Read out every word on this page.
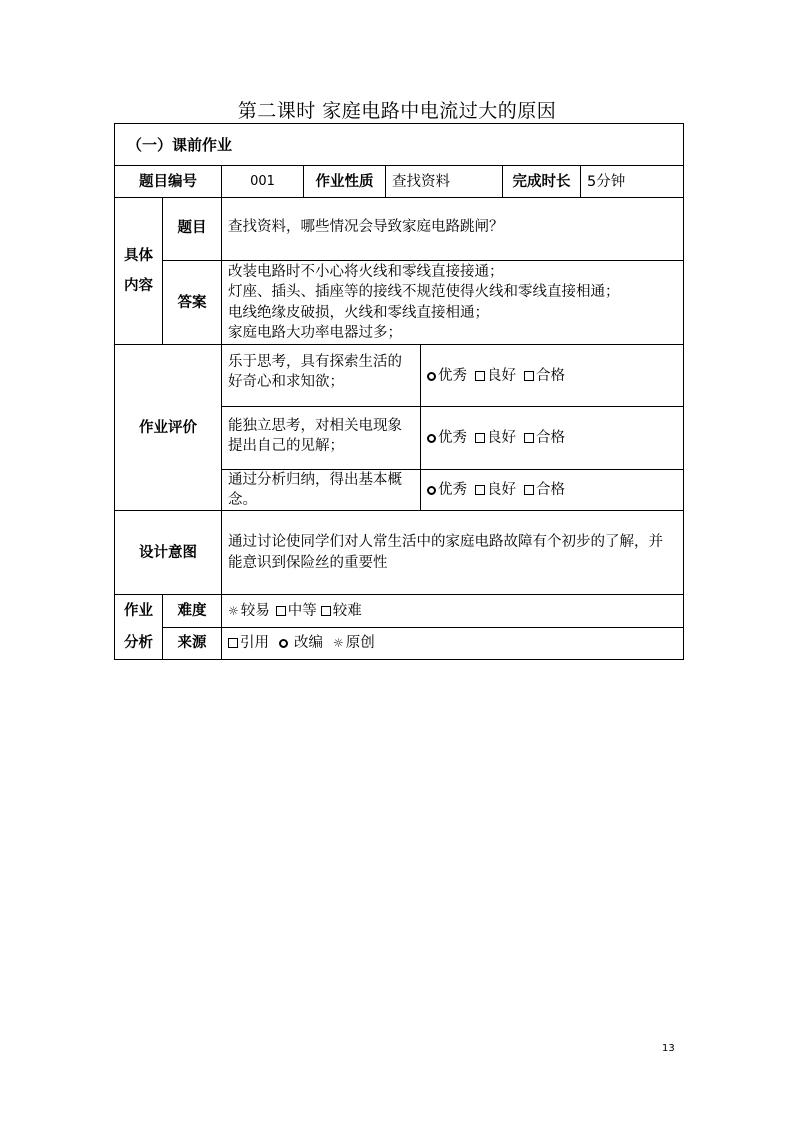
第二课时 家庭电路中电流过大的原因
（一）课前作业							
题目编号		001	作业性质	查找资料		完成时长	5分钟

具体
内容	题目	查找资料，哪些情况会导致家庭电路跳闸？					
	答案	改装电路时不小心将火线和零线直接接通；
灯座、插头、插座等的接线不规范使得火线和零线直接相通；
电线绝缘皮破损，火线和零线直接相通；
家庭电路大功率电器过多；					

作业评价		乐于思考，具有探索生活的好奇心和求知欲；			优秀 良好 合格		
		能独立思考，对相关电现象提出自己的见解；			优秀 良好 合格		
		通过分析归纳，得出基本概念。			优秀 良好 合格		
设计意图		通过讨论使同学们对人常生活中的家庭电路故障有个初步的了解，并能意识到保险丝的重要性					

作业
分析	难度	☼ 较易 中等 较难					
	来源	引用 改编 ☼ 原创					
13
